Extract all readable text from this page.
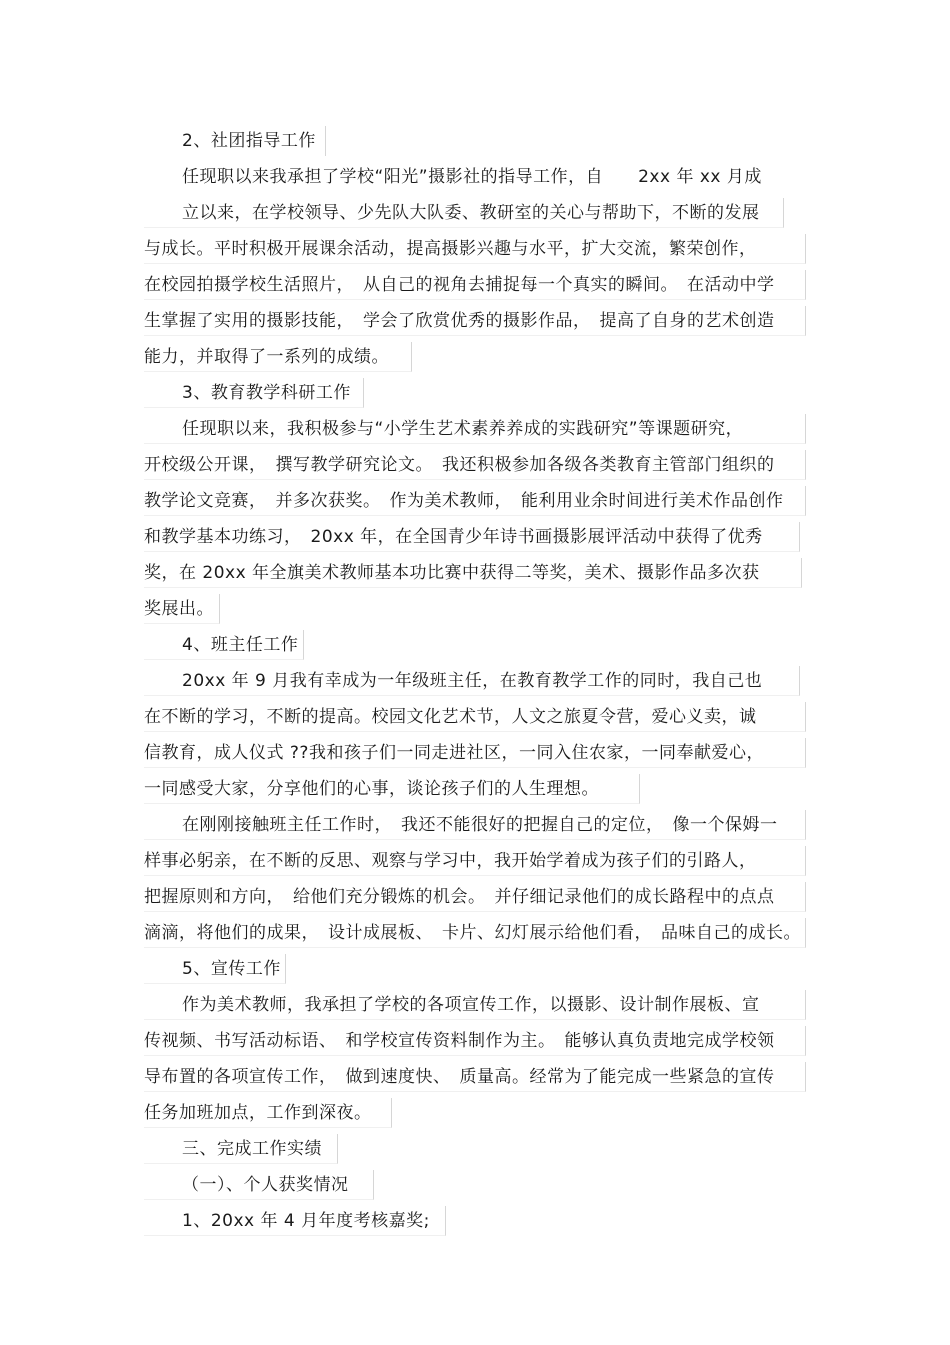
2、社团指导工作
任现职以来我承担了学校“阳光”摄影社的指导工作，自　　2xx 年 xx 月成
立以来，在学校领导、少先队大队委、教研室的关心与帮助下，不断的发展
与成长。平时积极开展课余活动，提高摄影兴趣与水平，扩大交流，繁荣创作，
在校园拍摄学校生活照片，　从自己的视角去捕捉每一个真实的瞬间。　在活动中学
生掌握了实用的摄影技能，　学会了欣赏优秀的摄影作品，　提高了自身的艺术创造
能力，并取得了一系列的成绩。
3、教育教学科研工作
任现职以来，我积极参与“小学生艺术素养养成的实践研究”等课题研究，
开校级公开课，　撰写教学研究论文。　我还积极参加各级各类教育主管部门组织的
教学论文竞赛，　并多次获奖。　作为美术教师，　能利用业余时间进行美术作品创作
和教学基本功练习，　20xx 年，在全国青少年诗书画摄影展评活动中获得了优秀
奖，在 20xx 年全旗美术教师基本功比赛中获得二等奖，美术、摄影作品多次获
奖展出。
4、班主任工作
20xx 年 9 月我有幸成为一年级班主任，在教育教学工作的同时，我自己也
在不断的学习，不断的提高。校园文化艺术节，人文之旅夏令营，爱心义卖，诚
信教育，成人仪式 ??我和孩子们一同走进社区，一同入住农家，一同奉献爱心，
一同感受大家，分享他们的心事，谈论孩子们的人生理想。
在刚刚接触班主任工作时，　我还不能很好的把握自己的定位，　像一个保姆一
样事必躬亲，在不断的反思、观察与学习中，我开始学着成为孩子们的引路人，
把握原则和方向，　给他们充分锻炼的机会。　并仔细记录他们的成长路程中的点点
滴滴，将他们的成果，　设计成展板、　卡片、幻灯展示给他们看，　品味自己的成长。
5、宣传工作
作为美术教师，我承担了学校的各项宣传工作，以摄影、设计制作展板、宣
传视频、书写活动标语、　和学校宣传资料制作为主。　能够认真负责地完成学校领
导布置的各项宣传工作，　做到速度快、　质量高。经常为了能完成一些紧急的宣传
任务加班加点，工作到深夜。
三、完成工作实绩
（一）、个人获奖情况
1、20xx 年 4 月年度考核嘉奖;
